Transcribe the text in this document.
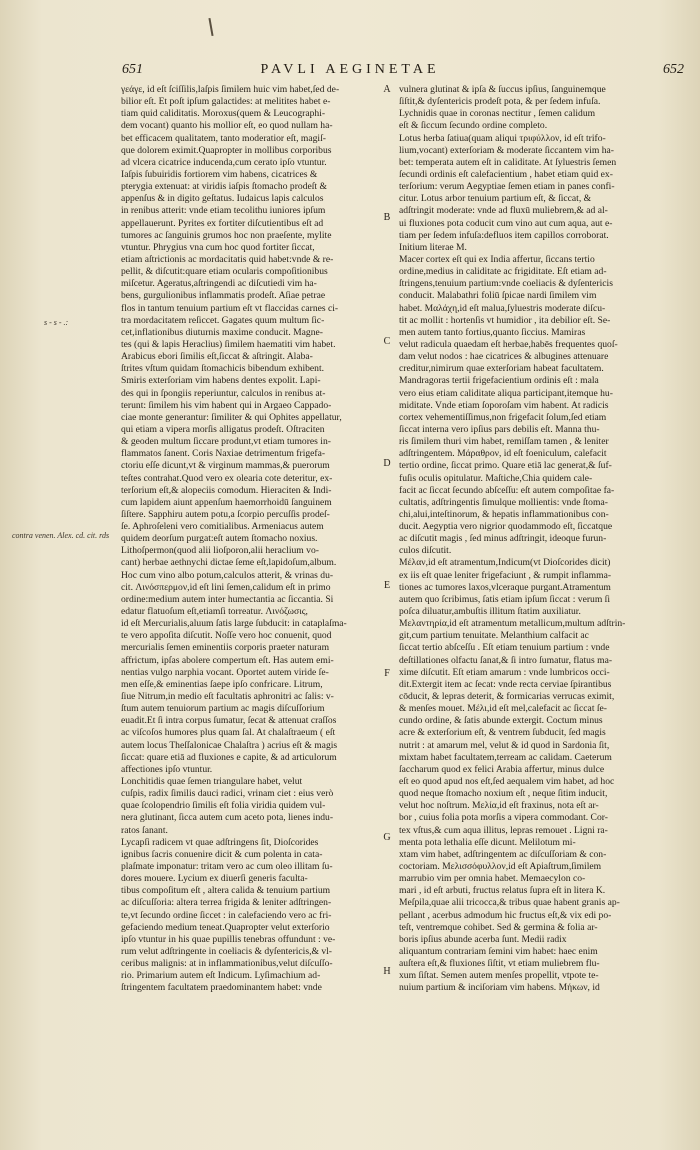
651	PAVLI AEGINETAE	652
γεάγε, id eſt ſciſſilis,laſpis ſimilem huic vim habet,ſed de-
bilior eſt. Et poſt ipſum galactides: at melitites habet e-
tiam quid caliditatis. Moroxus(quem & Leucographi-
dem vocant) quanto his mollior eſt, eo quod nullam ha-
bet efficacem qualitatem, tanto moderatior eſt, magiſ-
que dolorem eximit.Quapropter in mollibus corporibus
ad vlcera cicatrice inducenda,cum cerato ipſo vtuntur.
Iaſpis ſubuiridis fortiorem vim habens, cicatrices &
pterygia extenuat: at viridis iaſpis ſtomacho prodeſt &
appenſus & in digito geſtatus. Iudaicus lapis calculos
in renibus atterit: vnde etiam tecolithu iuniores ipſum
appellauerunt. Pyrites ex fortiter diſcutientibus eſt ad
tumores ac ſanguinis grumos hoc non praeſente, mylite
vtuntur. Phrygius vna cum hoc quod fortiter ſiccat,
etiam aſtrictionis ac mordacitatis quid habet:vnde & re-
pellit, & diſcutit:quare etiam ocularis compoſitionibus
miſcetur. Ageratus,aſtringendi ac diſcutiedi vim ha-
bens, gurgulionibus inflammatis prodeſt. Aſiae petrae
flos in tantum tenuium partium eſt vt flaccidas carnes ci-
tra mordacitatem reſiccet. Gagates quum multum ſic-
cet,inflationibus diuturnis maxime conducit. Magne-
tes (qui & lapis Heraclius) ſimilem haematiti vim habet.
Arabicus ebori ſimilis eſt,ſiccat & aſtringit. Alaba-
ſtrites vſtum quidam ſtomachicis bibendum exhibent.
Smiris exterſoriam vim habens dentes expolit. Lapi-
des qui in ſpongiis reperiuntur, calculos in renibus at-
terunt: ſimilem his vim habent qui in Argaeo Cappado-
ciae monte generantur: ſimiliter & qui Ophites appellatur,
qui etiam a vipera morſis alligatus prodeſt. Oſtraciten
& geoden multum ſiccare produnt,vt etiam tumores in-
flammatos ſanent. Coris Naxiae detrimentum frigefa-
ctoriu eſſe dicunt,vt & virginum mammas,& puerorum
teſtes contrahat.Quod vero ex olearia cote deteritur, ex-
terſorium eſt,& alopeciis comodum. Hieraciten & Indi-
cum lapidem aiunt appenſum haemorrhoidū ſanguinem
ſiſtere. Sapphiru autem potu,a ſcorpio percuſſis prodeſ-
ſe. Aphroſeleni vero comitialibus. Armeniacus autem
quidem deorſum purgat:eſt autem ſtomacho noxius.
Lithoſpermon(quod alii lioſporon,alii heraclium vo-
cant) herbae aethnychi dictae ſeme eſt,lapidoſum,album.
Hoc cum vino albo potum,calculos atterit, & vrinas du-
cit. Λινόσπερμον,id eſt lini ſemen,calidum eſt in primo
ordine:medium autem inter humectantia ac ſiccantia. Si
edatur flatuoſum eſt,etiamſi torreatur. Λινόζωσις,
id eſt Mercurialis,aluum ſatis large ſubducit: in cataplaſma-
te vero appoſita diſcutit. Noſſe vero hoc conuenit, quod
mercurialis ſemen eminentiis corporis praeter naturam
affrictum, ipſas abolere compertum eſt. Has autem emi-
nentias vulgo narphia vocant. Oportet autem viride ſe-
men eſſe,& eminentias ſaepe ipſo confricare. Litrum,
ſiue Nitrum,in medio eſt facultatis aphronitri ac ſalis: v-
ſtum autem tenuiorum partium ac magis diſcuſſorium
euadit.Et ſi intra corpus ſumatur, ſecat & attenuat craſſos
ac viſcoſos humores plus quam ſal. At chalaſtraeum ( eſt
autem locus Theſſalonicae Chalaſtra ) acrius eſt & magis
ſiccat: quare etiā ad fluxiones e capite, & ad articulorum
affectiones ipſo vtuntur.
Lonchitidis quae ſemen triangulare habet, velut
cuſpis, radix ſimilis dauci radici, vrinam ciet : eius verò
quae ſcolopendrio ſimilis eſt folia viridia quidem vul-
nera glutinant, ſicca autem cum aceto pota, lienes indu-
ratos ſanant.
Lycapſi radicem vt quae adſtringens ſit, Dioſcorides
ignibus ſacris conuenire dicit & cum polenta in cata-
plaſmate imponatur: tritam vero ac cum oleo illitam ſu-
dores mouere. Lycium ex diuerſi generis facultа-
tibus compoſitum eſt , altera calida & tenuium partium
ac diſcuſſoria: altera terrea frigida & leniter adſtringen-
te,vt ſecundo ordine ſiccet : in calefaciendo vero ac fri-
gefaciendo medium teneat.Quapropter velut exterſorio
ipſo vtuntur in his quae pupillis tenebras offundunt : ve-
rum velut adſtringente in coeliacis & dyſentericis,& vl-
ceribus malignis: at in inflammationibus,velut diſcuſſo-
rio. Primarium autem eſt Indicum. Lyſimachium ad-
ſtringentem facultatem praedominantem habet: vnde
A
B
C
D
E
F
G
H
vulnera glutinat & ipſa & ſuccus ipſius, ſanguinemque
ſiſtit,& dyſentericis prodeſt pota, & per ſedem infuſa.
Lychnidis quae in coronas nectitur , ſemen calidum
eſt & ſiccum ſecundo ordine completo.
Lotus herba ſatiua(quam aliqui τριφύλλον, id eſt trifo-
lium,vocant) exterſoriam & moderate ſiccantem vim ha-
bet: temperata autem eſt in caliditate. At ſyluestris ſemen
ſecundi ordinis eſt calefacientium , habet etiam quid ex-
terſorium: verum Aegyptiae ſemen etiam in panes confi-
citur. Lotus arbor tenuium partium eſt, & ſiccat, &
adſtringit moderate: vnde ad fluxū muliebrem,& ad al-
ui fluxiones pota coducit cum vino aut cum aqua, aut e-
tiam per ſedem infuſa:defluos item capillos corroborat.
Initium literae M.
Macer cortex eſt qui ex India affertur, ſiccans tertio
ordine,medius in caliditate ac frigiditate. Eſt etiam ad-
ſtringens,tenuium partium:vnde coeliacis & dyſentericis
conducit. Malabathri foliū ſpicae nardi ſimilem vim
habet. Μαλάχη,id eſt malua,ſyluestris moderate diſcu-
tit ac mollit : hortenſis vt humidior , ita debilior eſt. Se-
men autem tanto fortius,quanto ſiccius. Mamiras
velut radicula quaedam eſt herbae,habēs frequentes quoſ-
dam velut nodos : hae cicatrices & albugines attenuare
creditur,nimirum quae exterſoriam habeat facultatem.
Mandragoras tertii frigefacientium ordinis eſt : mala
vero eius etiam caliditate aliqua participant,itemque hu-
miditate. Vnde etiam ſoporoſam vim habent. At radicis
cortex vehementiſſimus,non frigefacit ſolum,ſed etiam
ſiccat interna vero ipſius pars debilis eſt. Manna thu-
ris ſimilem thuri vim habet, remiſſam tamen , & leniter
adſtringentem. Μάραθρον, id eſt foeniculum, calefacit
tertio ordine, ſiccat primo. Quare etiā lac generat,& ſuf-
fuſis oculis opitulatur. Maſtiche,Chia quidem cale-
facit ac ſiccat ſecundo abſceſſu: eſt autem compoſitae fa-
cultatis, adſtringentis ſimulque mollientis: vnde ſtoma-
chi,alui,inteſtinorum, & hepatis inflammationibus con-
ducit. Aegyptia vero nigrior quodammodo eſt, ſiccatque
ac diſcutit magis , ſed minus adſtringit, ideoque furun-
culos diſcutit.
Μέλαν,id eſt atramentum,Indicum(vt Dioſcorides dicit)
ex iis eſt quae leniter frigefaciunt , & rumpit inflamma-
tiones ac tumores laxos,vlceraque purgant.Atramentum
autem quo ſcribimus, ſatis etiam ipſum ſiccat : verum ſi
poſca diluatur,ambuſtis illitum ſtatim auxiliatur.
Μελαντηρία,id eſt atramentum metallicum,multum adſtrin-
git,cum partium tenuitate. Melanthium calfacit ac
ſiccat tertio abſceſſu . Eſt etiam tenuium partium : vnde
deſtillationes olfactu ſanat,& ſi intro ſumatur, flatus ma-
xime diſcutit. Eſt etiam amarum : vnde lumbricos occi-
dit.Extergit item ac ſecat: vnde recta cerviae ſpirantibus
cōducit, & lepras deterit, & formicarias verrucas eximit,
& menſes mouet. Μέλι,id eſt mel,calefacit ac ſiccat ſe-
cundo ordine, & ſatis abunde extergit. Coctum minus
acre & exterſorium eſt, & ventrem ſubducit, ſed magis
nutrit : at amarum mel, velut & id quod in Sardonia ſit,
mixtam habet facultatem,terream ac calidam. Caeterum
ſaccharum quod ex felici Arabia affertur, minus dulce
eſt eo quod apud nos eſt,ſed aequalem vim habet, ad hoc
quod neque ſtomacho noxium eſt , neque ſitim inducit,
velut hoc noſtrum. Μελία,id eſt fraxinus, nota eſt ar-
bor , cuius folia pota morſis a vipera commodant. Cor-
tex vſtus,& cum aqua illitus, lepras remouet . Ligni ra-
menta pota lethalia eſſe dicunt. Melilotum mi-
xtam vim habet, adſtringentem ac diſcuſſoriam & con-
coctoriam. Μελισσόφυλλον,id eſt Apiaſtrum,ſimilem
marrubio vim per omnia habet. Memaecylon co-
mari , id eſt arbuti, fructus relatus ſupra eſt in litera K.
Meſpila,quae alii tricocca,& tribus quae habent granis ap-
pellant , acerbus admodum hic fructus eſt,& vix edi po-
teſt, ventremque cohibet. Sed & germina & folia ar-
boris ipſius abunde acerba ſunt. Medii radix
aliquantum contrariam ſemini vim habet: haec enim
auſtera eſt,& fluxiones ſiſtit, vt etiam muliebrem flu-
xum ſiſtat. Semen autem menſes propellit, vtpote te-
nuium partium & inciſoriam vim habens. Μήκων, id
contra venen. Alex. cd. cit. rds
s - s - .:
